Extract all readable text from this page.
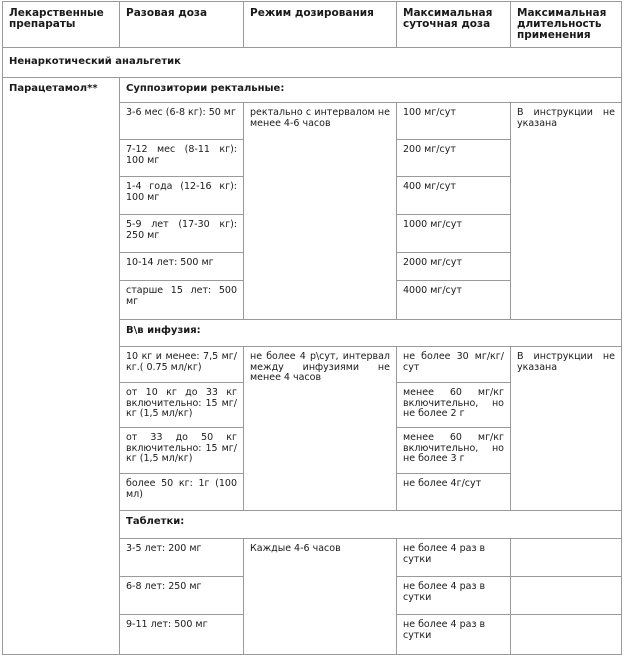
Лекарственные препараты	Разовая доза	Режим дозирования	Максимальная суточная доза	Максимальная длительность применения

Ненаркотический анальгетик				

Парацетамол**	Суппозитории ректальные:			

	3-6 мес (6-8 кг): 50 мг	ректально с интервалом не менее 4-6 часов	100 мг/сут	В инструкции не указана

	7-12 мес (8-11 кг): 100 мг		200 мг/сут	

	1-4 года (12-16 кг): 100 мг		400 мг/сут	

	5-9 лет (17-30 кг): 250 мг		1000 мг/сут	

	10-14 лет: 500 мг		2000 мг/сут	

	старше 15 лет: 500 мг		4000 мг/сут	

	В\в инфузия:			

	10 кг и менее: 7,5 мг/кг.( 0.75 мл/кг)	не более 4 р\сут, интервал между инфузиями не менее 4 часов	не более 30 мг/кг/сут	В инструкции не указана

	от 10 кг до 33 кг включительно: 15 мг/кг (1,5 мл/кг)		менее 60 мг/кг включительно, но не более 2 г	

	от 33 до 50 кг включительно: 15 мг/кг (1,5 мл/кг)		менее 60 мг/кг включительно, но не более 3 г	

	более 50 кг: 1г (100 мл)		не более 4г/сут	

	Таблетки:			

	3-5 лет: 200 мг	Каждые 4-6 часов	не более 4 раз в сутки	

	6-8 лет: 250 мг		не более 4 раз в сутки	

	9-11 лет: 500 мг		не более 4 раз в сутки	
